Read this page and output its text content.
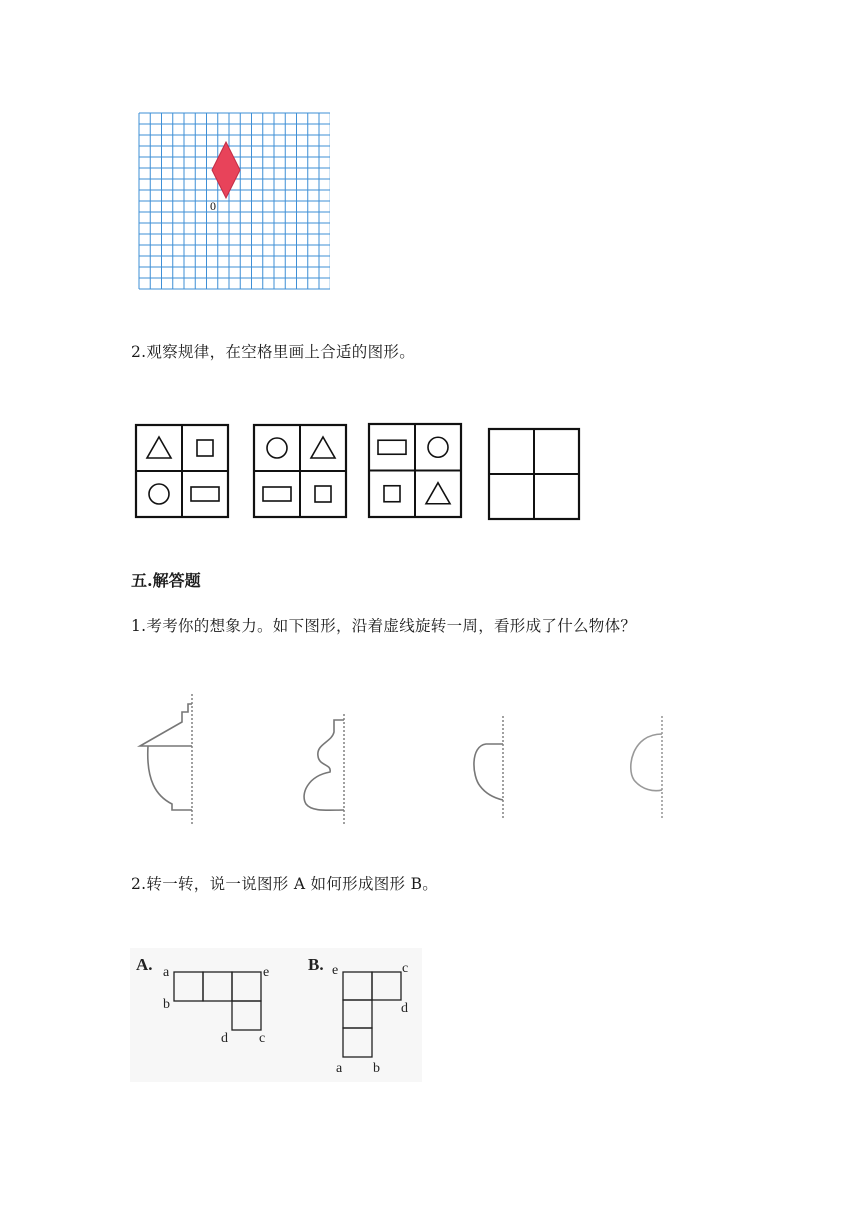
0
2.观察规律，在空格里画上合适的图形。
五.解答题
1.考考你的想象力。如下图形，沿着虚线旋转一周，看形成了什么物体？
2.转一转，说一说图形 A 如何形成图形 B。
A. a
b
e
d c
B. e	c
d
a b
